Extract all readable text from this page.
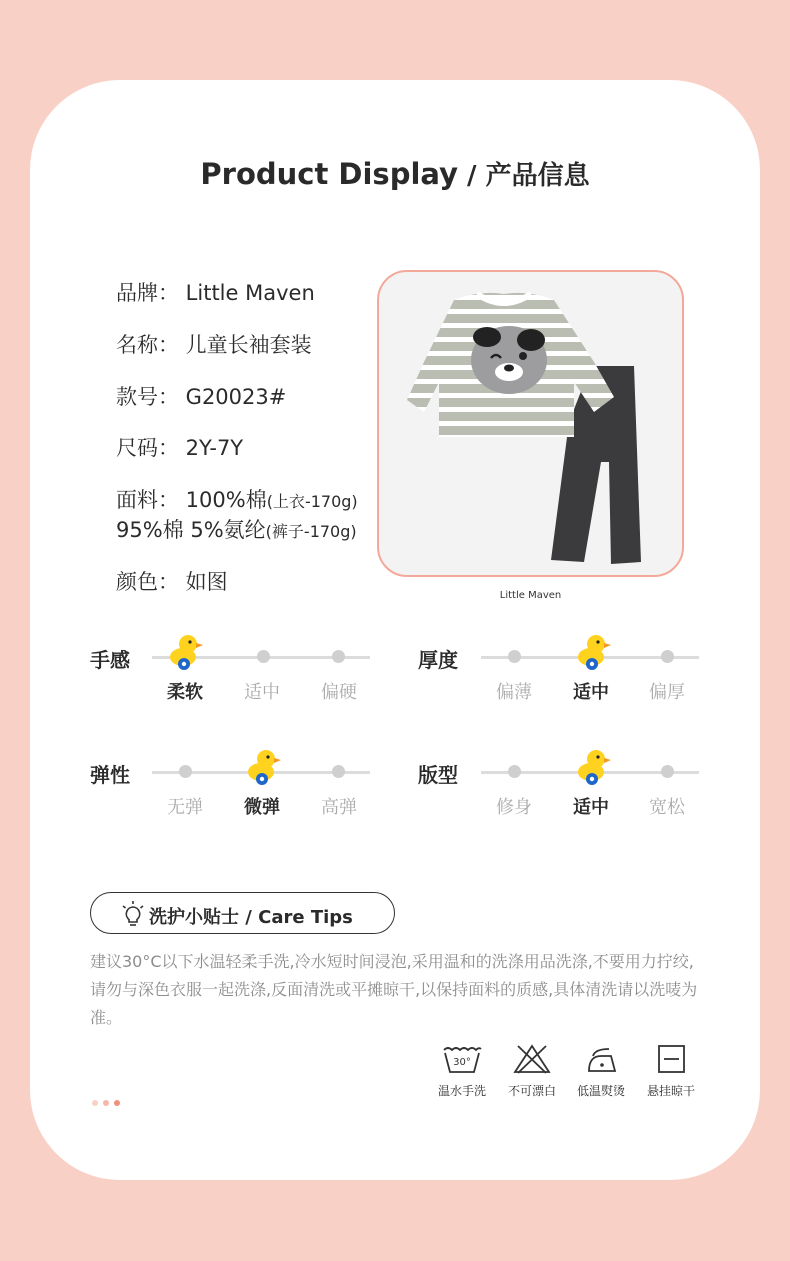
Product Display / 产品信息
品牌： Little Maven
名称： 儿童长袖套装
款号： G20023#
尺码： 2Y-7Y
面料： 100%棉(上衣-170g)
95%棉 5%氨纶(裤子-170g)
颜色： 如图
Little Maven
手感
柔软	适中	偏硬
厚度
偏薄	适中	偏厚
弹性
无弹	微弹	高弹
版型
修身	适中	宽松
洗护小贴士 / Care Tips
建议30°C以下水温轻柔手洗,冷水短时间浸泡,采用温和的洗涤用品洗涤,不要用力拧绞,请勿与深色衣服一起洗涤,反面清洗或平摊晾干,以保持面料的质感,具体清洗请以洗唛为准。
30°
温水手洗	不可漂白	低温熨烫	悬挂晾干
